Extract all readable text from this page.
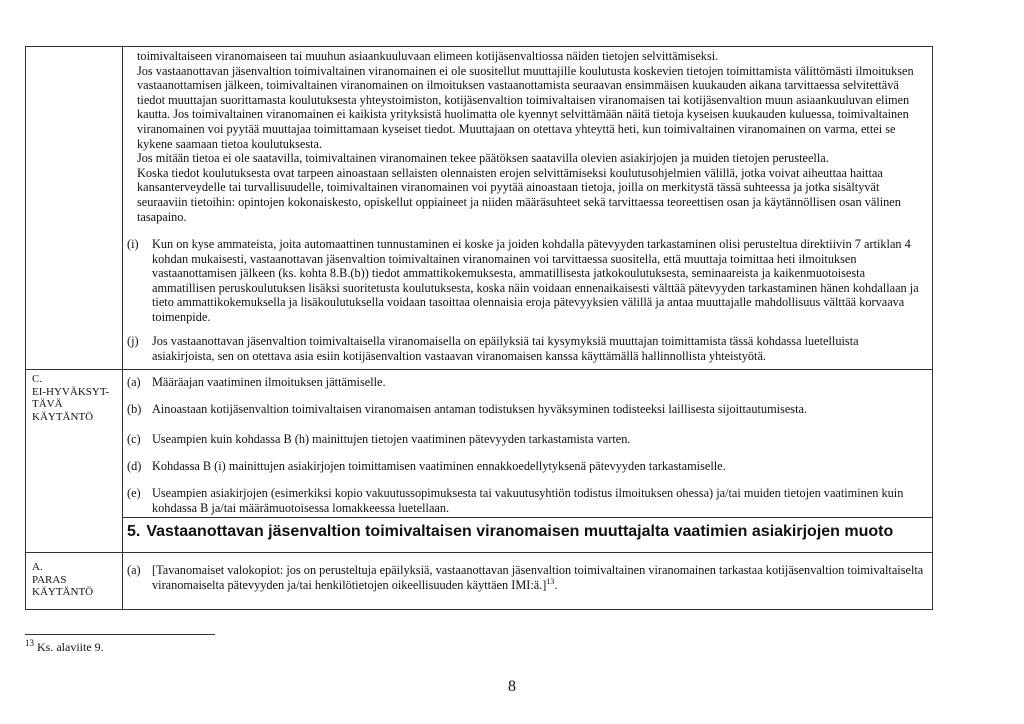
toimivaltaiseen viranomaiseen tai muuhun asiaankuuluvaan elimeen kotijäsenvaltiossa näiden tietojen selvittämiseksi.

Jos vastaanottavan jäsenvaltion toimivaltainen viranomainen ei ole suositellut muuttajille koulutusta koskevien tietojen toimittamista välittömästi ilmoituksen vastaanottamisen jälkeen, toimivaltainen viranomainen on ilmoituksen vastaanottamista seuraavan ensimmäisen kuukauden aikana tarvittaessa selvitettävä tiedot muuttajan suorittamasta koulutuksesta yhteystoimiston, kotijäsenvaltion toimivaltaisen viranomaisen tai kotijäsenvaltion muun asiaankuuluvan elimen kautta. Jos toimivaltainen viranomainen ei kaikista yrityksistä huolimatta ole kyennyt selvittämään näitä tietoja kyseisen kuukauden kuluessa, toimivaltainen viranomainen voi pyytää muuttajaa toimittamaan kyseiset tiedot. Muuttajaan on otettava yhteyttä heti, kun toimivaltainen viranomainen on varma, ettei se kykene saamaan tietoa koulutuksesta.

Jos mitään tietoa ei ole saatavilla, toimivaltainen viranomainen tekee päätöksen saatavilla olevien asiakirjojen ja muiden tietojen perusteella.

Koska tiedot koulutuksesta ovat tarpeen ainoastaan sellaisten olennaisten erojen selvittämiseksi koulutusohjelmien välillä, jotka voivat aiheuttaa haittaa kansanterveydelle tai turvallisuudelle, toimivaltainen viranomainen voi pyytää ainoastaan tietoja, joilla on merkitystä tässä suhteessa ja jotka sisältyvät seuraaviin tietoihin: opintojen kokonaiskesto, opiskellut oppiaineet ja niiden määräsuhteet sekä tarvittaessa teoreettisen osan ja käytännöllisen osan välinen tasapaino.

(i) Kun on kyse ammateista, joita automaattinen tunnustaminen ei koske ja joiden kohdalla pätevyyden tarkastaminen olisi perusteltua direktiivin 7 artiklan 4 kohdan mukaisesti, vastaanottavan jäsenvaltion toimivaltainen viranomainen voi tarvittaessa suositella, että muuttaja toimittaa heti ilmoituksen vastaanottamisen jälkeen (ks. kohta 8.B.(b)) tiedot ammattikokemuksesta, ammatillisesta jatkokoulutuksesta, seminaareista ja kaikenmuotoisesta ammatillisen peruskoulutuksen lisäksi suoritetusta koulutuksesta, koska näin voidaan ennenaikaisesti välttää pätevyyden tarkastaminen hänen kohdallaan ja tieto ammattikokemuksella ja lisäkoulutuksella voidaan tasoittaa olennaisia eroja pätevyyksien välillä ja antaa muuttajalle mahdollisuus välttää korvaava toimenpide.
(j) Jos vastaanottavan jäsenvaltion toimivaltaisella viranomaisella on epäilyksiä tai kysymyksiä muuttajan toimittamista tässä kohdassa luetelluista asiakirjoista, sen on otettava asia esiin kotijäsenvaltion vastaavan viranomaisen kanssa käyttämällä hallinnollista yhteistyötä.
C.
EI-HYVÄKSYT-
TÄVÄ
KÄYTÄNTÖ
(a) Määräajan vaatiminen ilmoituksen jättämiselle.
(b) Ainoastaan kotijäsenvaltion toimivaltaisen viranomaisen antaman todistuksen hyväksyminen todisteeksi laillisesta sijoittautumisesta.
(c) Useampien kuin kohdassa B (h) mainittujen tietojen vaatiminen pätevyyden tarkastamista varten.
(d) Kohdassa B (i) mainittujen asiakirjojen toimittamisen vaatiminen ennakkoedellytyksenä pätevyyden tarkastamiselle.
(e) Useampien asiakirjojen (esimerkiksi kopio vakuutussopimuksesta tai vakuutusyhtiön todistus ilmoituksen ohessa) ja/tai muiden tietojen vaatiminen kuin kohdassa B ja/tai määrämuotoisessa lomakkeessa luetellaan.
5. Vastaanottavan jäsenvaltion toimivaltaisen viranomaisen muuttajalta vaatimien asiakirjojen muoto
A.
PARAS
KÄYTÄNTÖ
(a) [Tavanomaiset valokopiot: jos on perusteltuja epäilyksiä, vastaanottavan jäsenvaltion toimivaltainen viranomainen tarkastaa kotijäsenvaltion toimivaltaiselta viranomaiselta pätevyyden ja/tai henkilötietojen oikeellisuuden käyttäen IMI:ä.]$^{13}$.
$^{13}$ Ks. alaviite 9.
8
